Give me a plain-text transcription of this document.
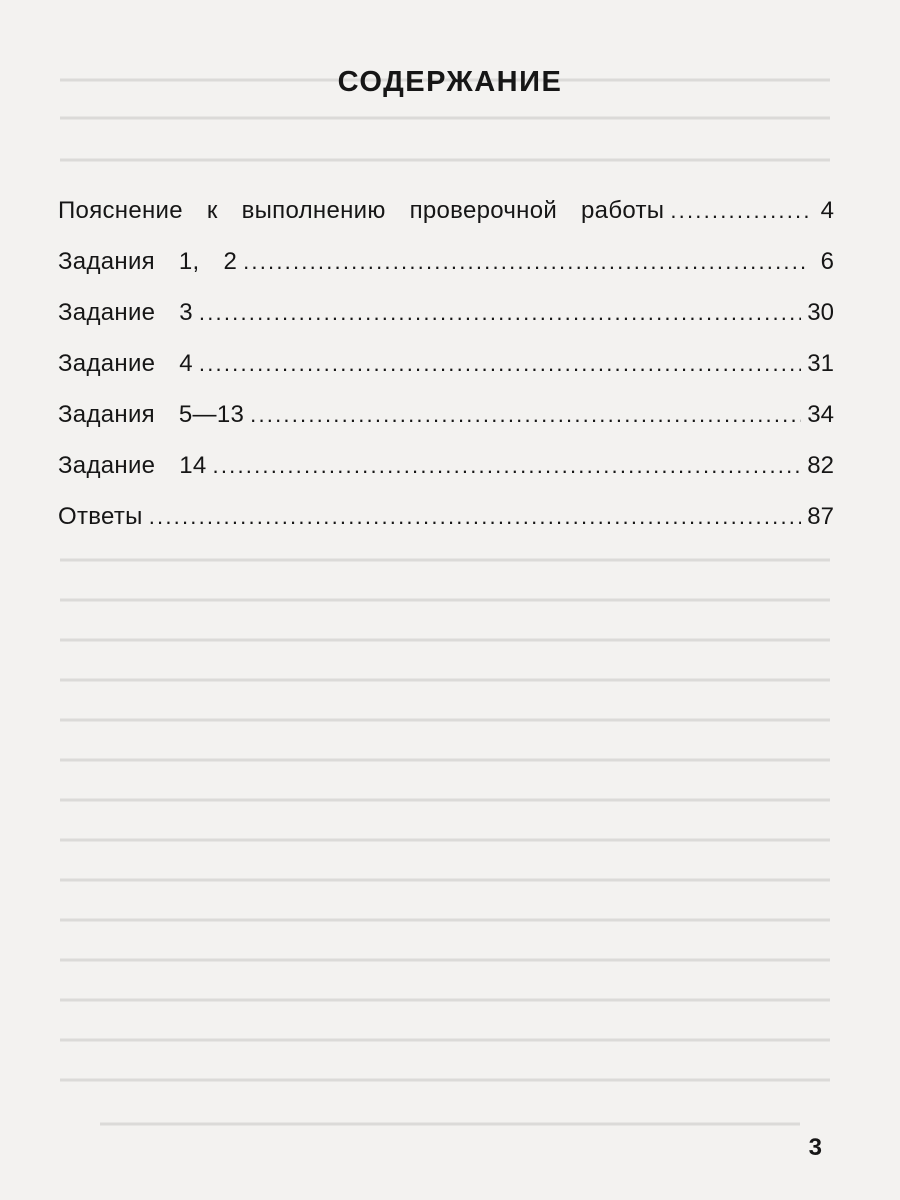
СОДЕРЖАНИЕ
Пояснение  к  выполнению  проверочной  работы .....	4
Задания  1,  2 .....	6
Задание  3 .....	30
Задание  4 .....	31
Задания  5—13 .....	34
Задание  14 .....	82
Ответы .....	87
3
